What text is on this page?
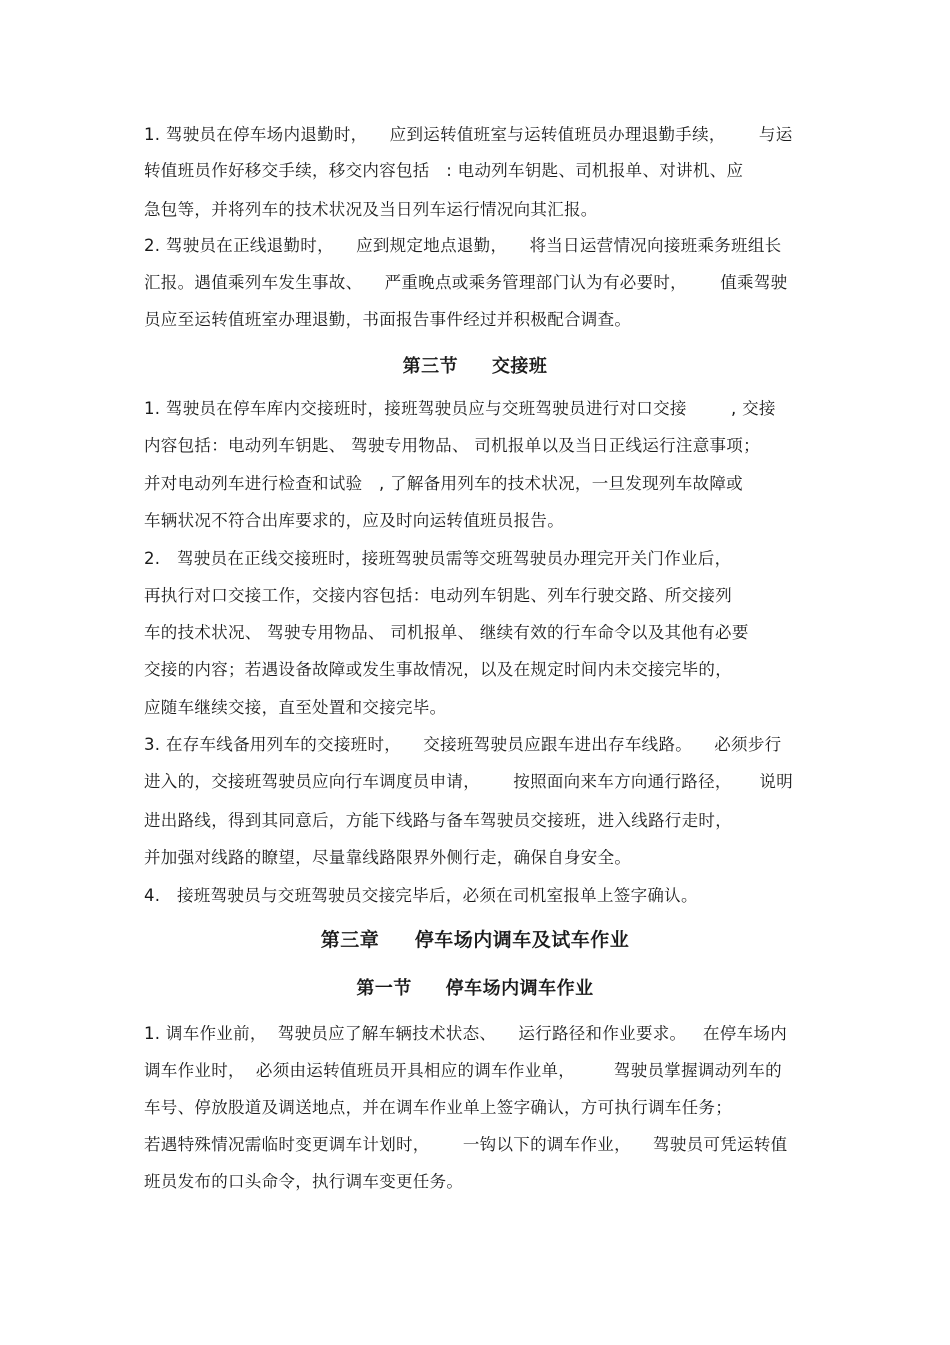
1. 驾驶员在停车场内退勤时，    应到运转值班室与运转值班员办理退勤手续，      与运

转值班员作好移交手续，移交内容包括   : 电动列车钥匙、司机报单、对讲机、应

急包等，并将列车的技术状况及当日列车运行情况向其汇报。

2. 驾驶员在正线退勤时，    应到规定地点退勤，    将当日运营情况向接班乘务班组长

汇报。遇值乘列车发生事故、    严重晚点或乘务管理部门认为有必要时，      值乘驾驶

员应至运转值班室办理退勤，书面报告事件经过并积极配合调查。

第三节     交接班

1. 驾驶员在停车库内交接班时，接班驾驶员应与交班驾驶员进行对口交接        , 交接

内容包括：电动列车钥匙、 驾驶专用物品、 司机报单以及当日正线运行注意事项；

并对电动列车进行检查和试验   , 了解备用列车的技术状况，一旦发现列车故障或

车辆状况不符合出库要求的，应及时向运转值班员报告。

2.   驾驶员在正线交接班时，接班驾驶员需等交班驾驶员办理完开关门作业后，

再执行对口交接工作，交接内容包括：电动列车钥匙、列车行驶交路、所交接列

车的技术状况、 驾驶专用物品、 司机报单、 继续有效的行车命令以及其他有必要

交接的内容；若遇设备故障或发生事故情况，以及在规定时间内未交接完毕的，

应随车继续交接，直至处置和交接完毕。

3. 在存车线备用列车的交接班时，    交接班驾驶员应跟车进出存车线路。    必须步行

进入的，交接班驾驶员应向行车调度员申请，      按照面向来车方向通行路径，     说明

进出路线，得到其同意后，方能下线路与备车驾驶员交接班，进入线路行走时，

并加强对线路的瞭望，尽量靠线路限界外侧行走，确保自身安全。

4.   接班驾驶员与交班驾驶员交接完毕后，必须在司机室报单上签字确认。

第三章     停车场内调车及试车作业
第一节     停车场内调车作业

1. 调车作业前，  驾驶员应了解车辆技术状态、    运行路径和作业要求。   在停车场内

调车作业时，  必须由运转值班员开具相应的调车作业单，       驾驶员掌握调动列车的

车号、停放股道及调送地点，并在调车作业单上签字确认，方可执行调车任务；

若遇特殊情况需临时变更调车计划时，      一钩以下的调车作业，    驾驶员可凭运转值

班员发布的口头命令，执行调车变更任务。
